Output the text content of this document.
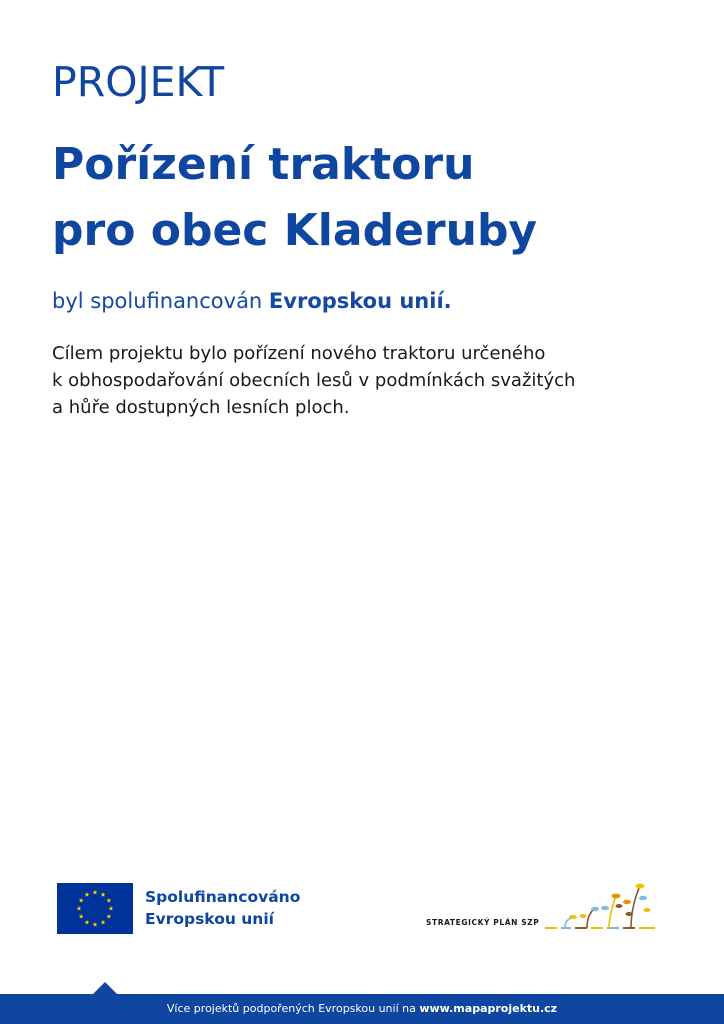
PROJEKT
Pořízení traktoru
pro obec Kladeruby
byl spolufinancován Evropskou unií.
Cílem projektu bylo pořízení nového traktoru určeného
k obhospodařování obecních lesů v podmínkách svažitých
a hůře dostupných lesních ploch.
Spolufinancováno
Evropskou unií	STRATEGICKÝ PLÁN SZP
Více projektů podpořených Evropskou unií na www.mapaprojektu.cz
